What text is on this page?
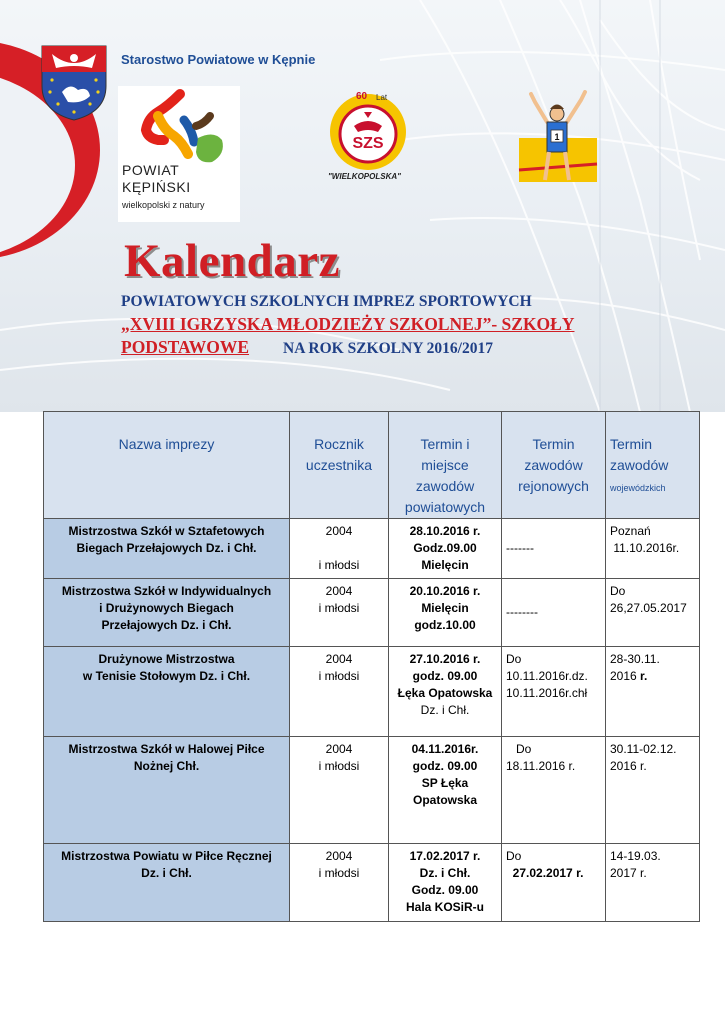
Starostwo Powiatowe w Kępnie
POWIAT
KĘPIŃSKI
wielkopolski z natury
SZS
60 Lat
"WIELKOPOLSKA"
1
Kalendarz
POWIATOWYCH SZKOLNYCH IMPREZ SPORTOWYCH
„XVIII IGRZYSKA MŁODZIEŻY SZKOLNEJ”- SZKOŁY
PODSTAWOWE NA ROK SZKOLNY 2016/2017
Nazwa imprezy	Rocznik
uczestnika	Termin i
miejsce
zawodów
powiatowych	Termin
zawodów
rejonowych	Termin
zawodów
wojewódzkich
Mistrzostwa Szkół w Sztafetowych
Biegach Przełajowych Dz. i Chł.	2004

i młodsi	28.10.2016 r.
Godz.09.00
Mielęcin	-------	Poznań
11.10.2016r.
Mistrzostwa Szkół w Indywidualnych
i Drużynowych Biegach
Przełajowych Dz. i Chł.	2004
i młodsi	20.10.2016 r.
Mielęcin
godz.10.00	--------	Do
26,27.05.2017
Drużynowe Mistrzostwa
w Tenisie Stołowym Dz. i Chł.	2004
i młodsi	27.10.2016 r.
godz. 09.00
Łęka Opatowska
Dz. i Chł.	Do
10.11.2016r.dz.
10.11.2016r.chł	28-30.11.
2016 r.
Mistrzostwa Szkół w Halowej Piłce
Nożnej Chł.	2004
i młodsi	04.11.2016r.
godz. 09.00
SP Łęka
Opatowska	Do
18.11.2016 r.	30.11-02.12.
2016 r.
Mistrzostwa Powiatu w Piłce Ręcznej
Dz. i Chł.	2004
i młodsi	17.02.2017 r.
Dz. i Chł.
Godz. 09.00
Hala KOSiR-u	Do
27.02.2017 r.	14-19.03.
2017 r.
